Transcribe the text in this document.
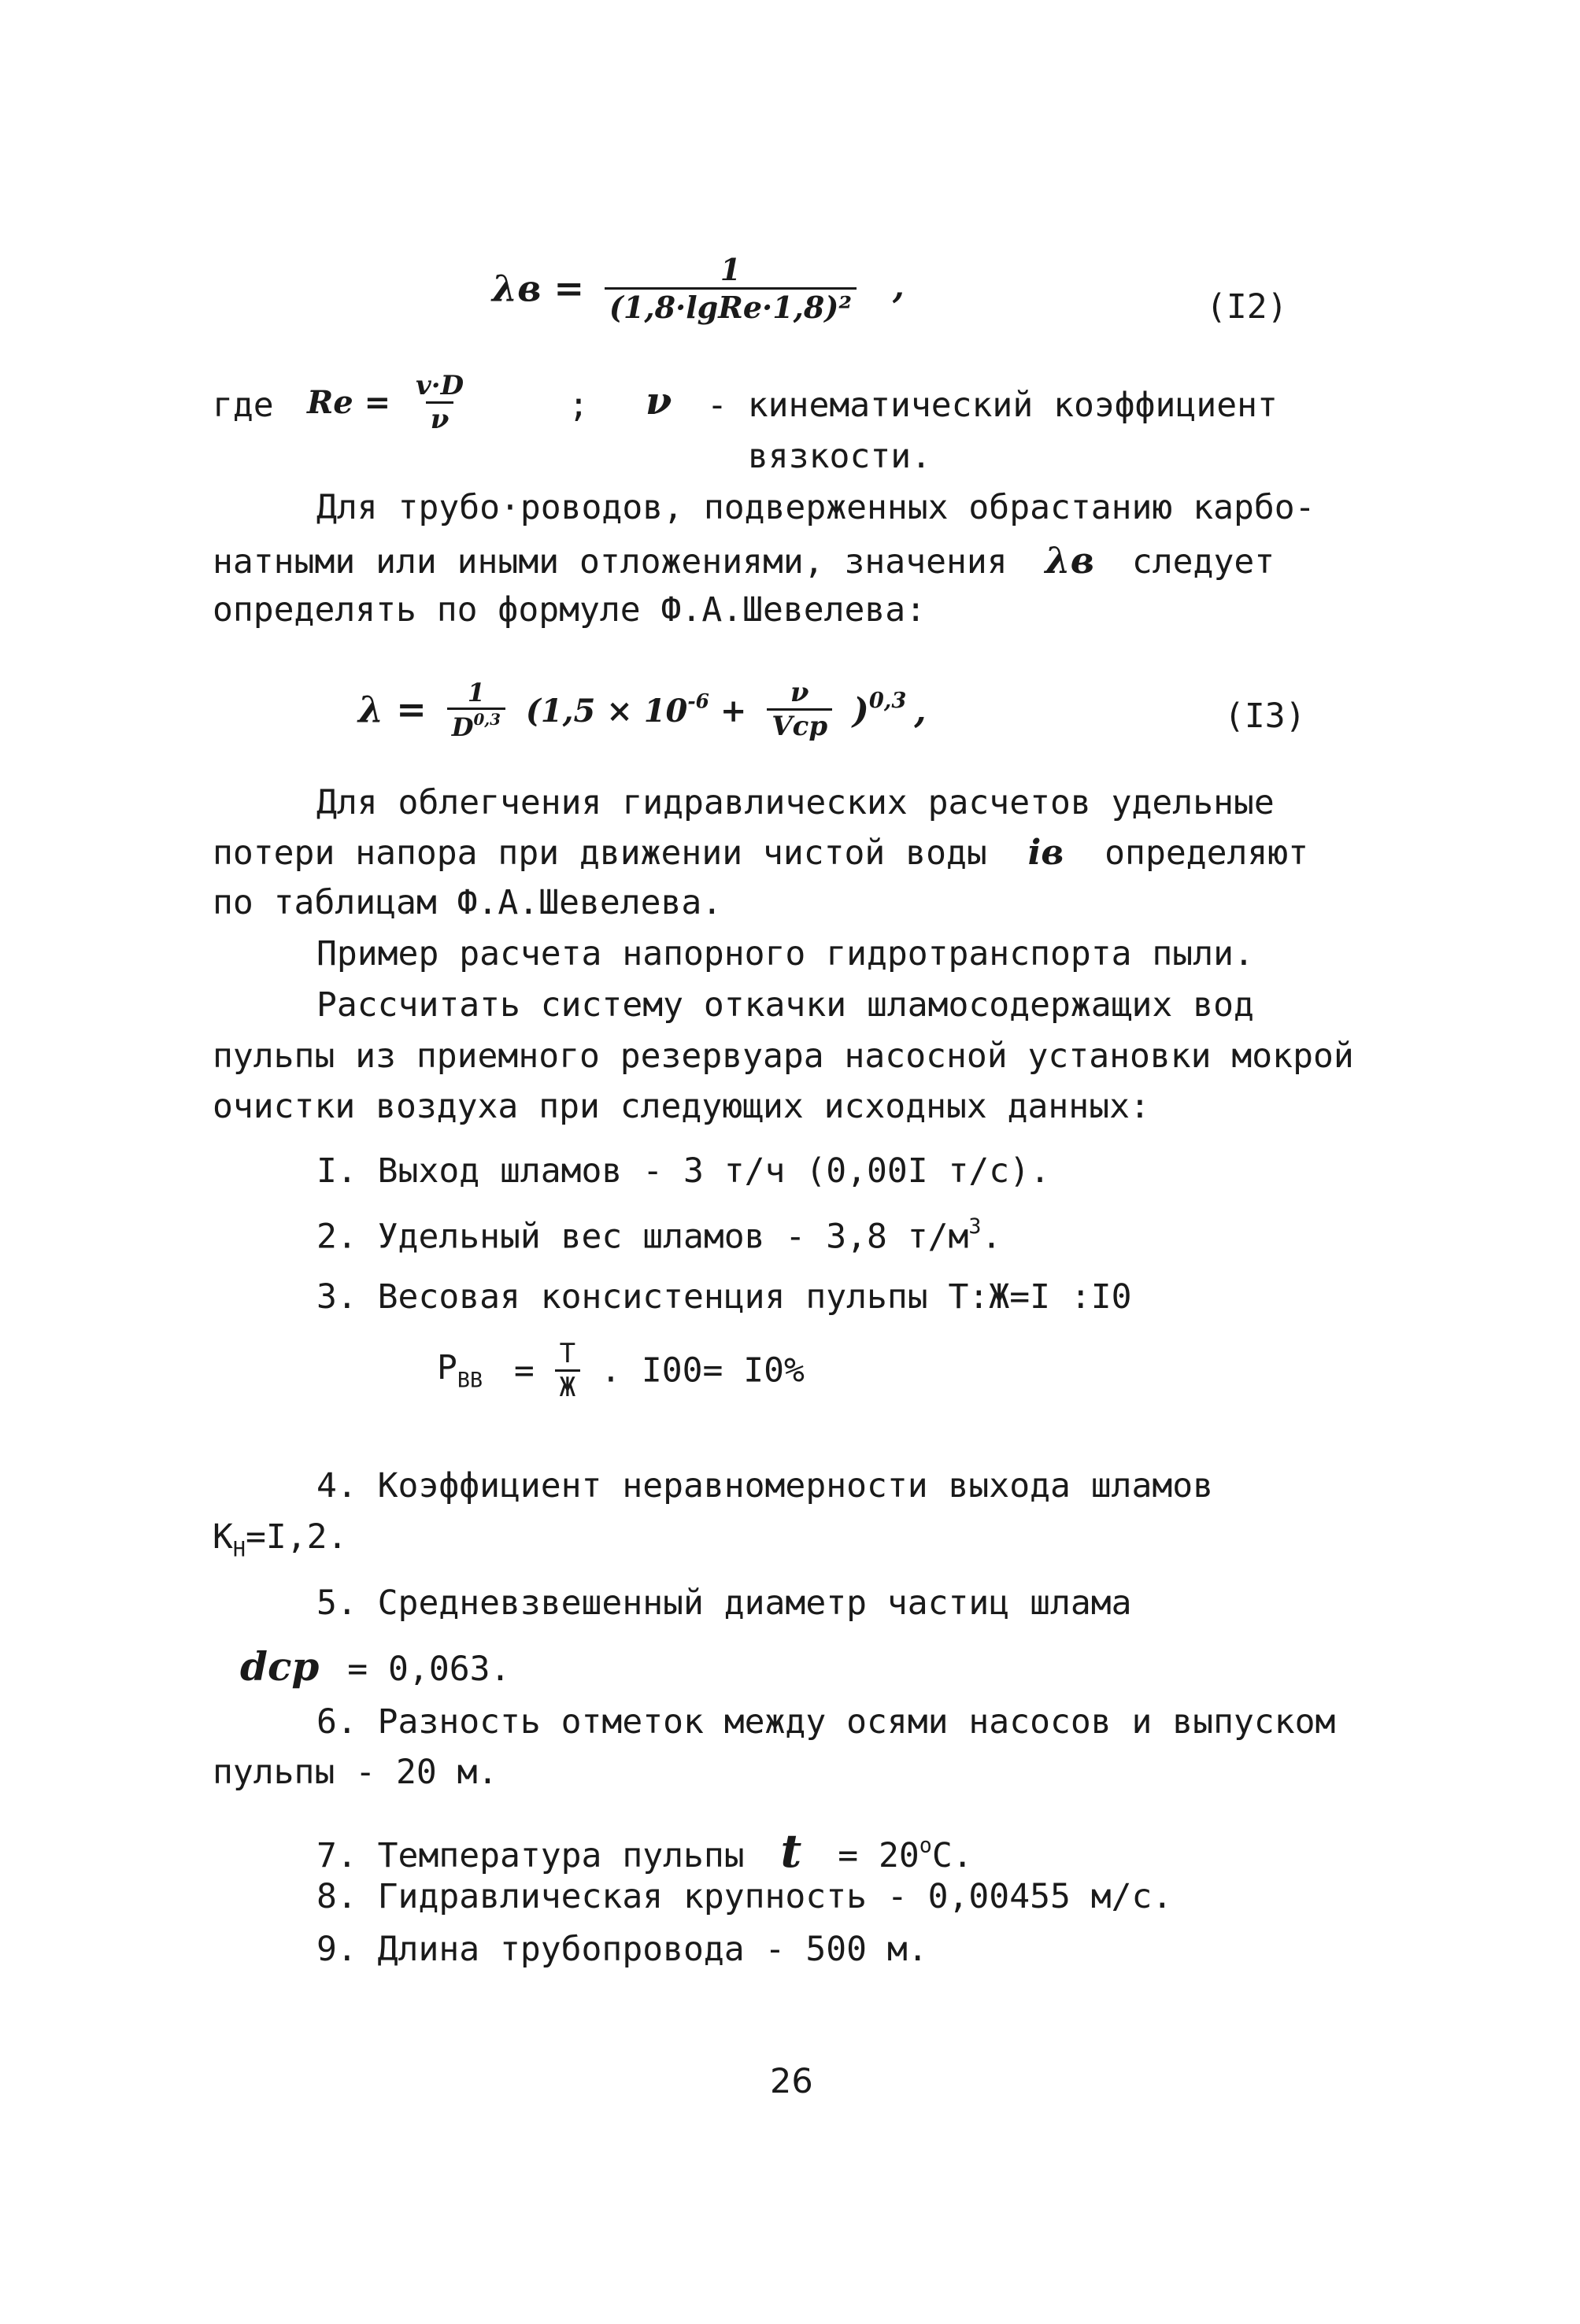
$\lambda в = \frac{1}{\text{(1,8·lgRe·1,8)²}}$ ,
(I2)
где $Re = \frac{v\cdot D}{\nu}$	; ν - кинематический коэффициент
вязкости.
Для трубо·роводов, подверженных обрастанию карбо-
натными или иными отложениями, значения λв следует
определять по формуле Ф.А.Шевелева:
$\lambda = \frac{1}{D^{0,3}} (1,5 \times 10^{-6} + \frac{\nu}{\text{Vср}} )^{0,3}$ ,	(I3)
Для облегчения гидравлических расчетов удельные
потери напора при движении чистой воды iв определяют
по таблицам Ф.А.Шевелева.
Пример расчета напорного гидротранспорта пыли.
Рассчитать систему откачки шламосодержащих вод
пульпы из приемного резервуара насосной установки мокрой
очистки воздуха при следующих исходных данных:
I. Выход шламов - 3 т/ч (0,00I т/с).
2. Удельный вес шламов - 3,8 $т/м^3$.
3. Весовая консистенция пульпы Т:Ж=I :I0
$P_{ВВ} = \frac{Т}{Ж}$ . I00= I0%
4. Коэффициент неравномерности выхода шламов
$К_Н=I,2$.
5. Средневзвешенный диаметр частиц шлама
dср = 0,063.
6. Разность отметок между осями насосов и выпуском
пульпы - 20 м.
7. Температура пульпы $t = 20^оС$.
8. Гидравлическая крупность - 0,00455 м/с.
9. Длина трубопровода - 500 м.
26
